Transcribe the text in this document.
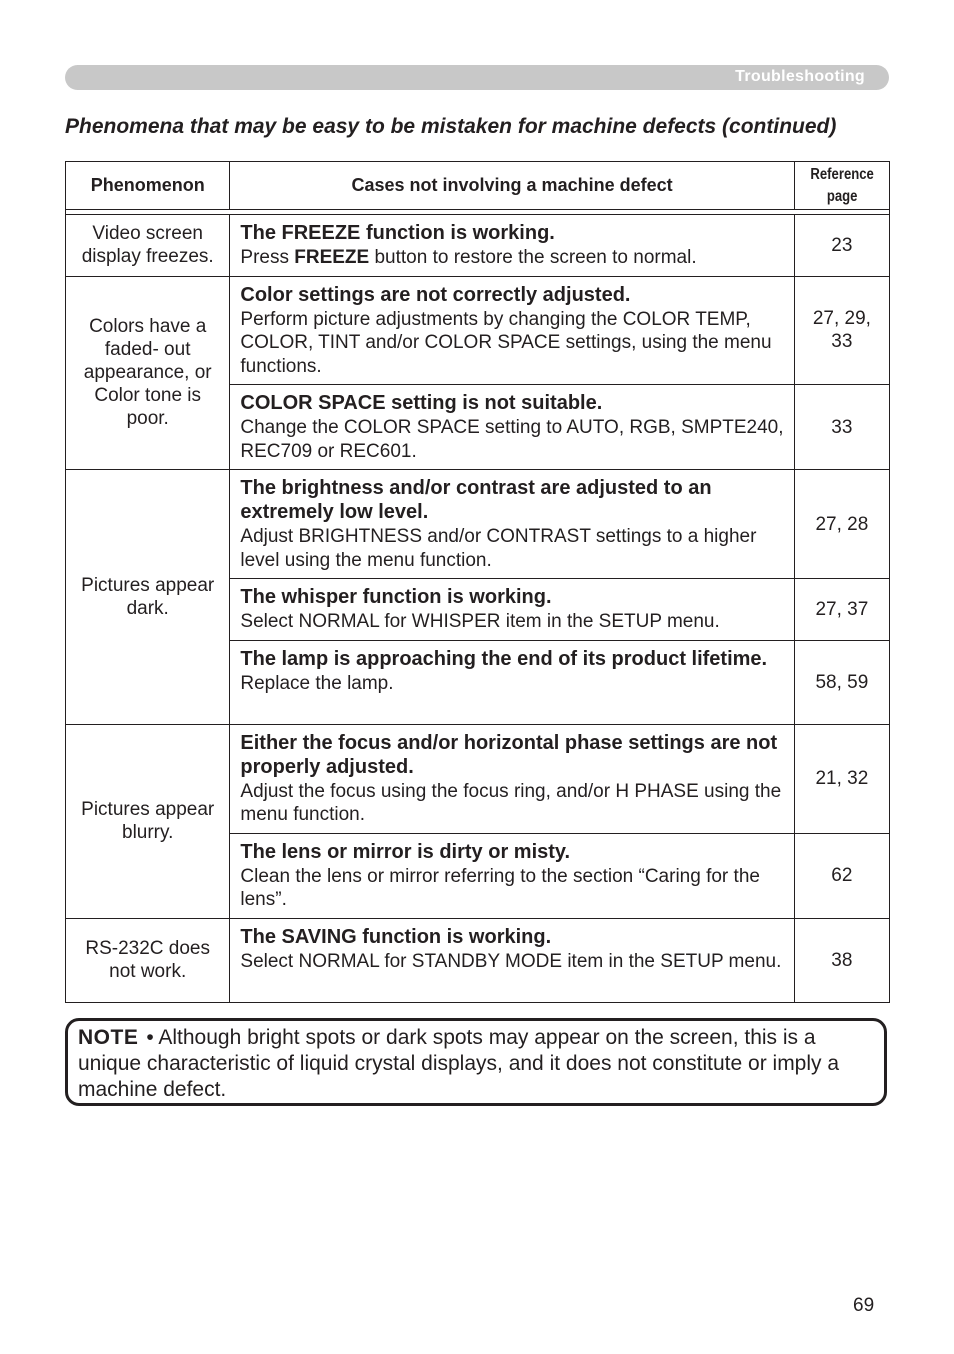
Troubleshooting
Phenomena that may be easy to be mistaken for machine defects (continued)
Phenomenon	Cases not involving a machine defect	Reference
page

Video screen display freezes.	The FREEZE function is working.
Press FREEZE button to restore the screen to normal.	23
Colors have a faded- out appearance, or Color tone is poor.	Color settings are not correctly adjusted.
Perform picture adjustments by changing the COLOR TEMP, COLOR, TINT and/or COLOR SPACE settings, using the menu functions.	27, 29, 33

	COLOR SPACE setting is not suitable.
Change the COLOR SPACE setting to AUTO, RGB, SMPTE240, REC709 or REC601.	33
Pictures appear dark.	The brightness and/or contrast are adjusted to an extremely low level.
Adjust BRIGHTNESS and/or CONTRAST settings to a higher level using the menu function.	27, 28

	The whisper function is working.
Select NORMAL for WHISPER item in the SETUP menu.	27, 37

	The lamp is approaching the end of its product lifetime.
Replace the lamp.	58, 59
Pictures appear blurry.	Either the focus and/or horizontal phase settings are not properly adjusted.
Adjust the focus using the focus ring, and/or H PHASE using the menu function.	21, 32

	The lens or mirror is dirty or misty.
Clean the lens or mirror referring to the section “Caring for the lens”.	62
RS-232C does not work.	The SAVING function is working.
Select NORMAL for STANDBY MODE item in the SETUP menu.	38
NOTE • Although bright spots or dark spots may appear on the screen, this is a unique characteristic of liquid crystal displays, and it does not constitute or imply a machine defect.
69
